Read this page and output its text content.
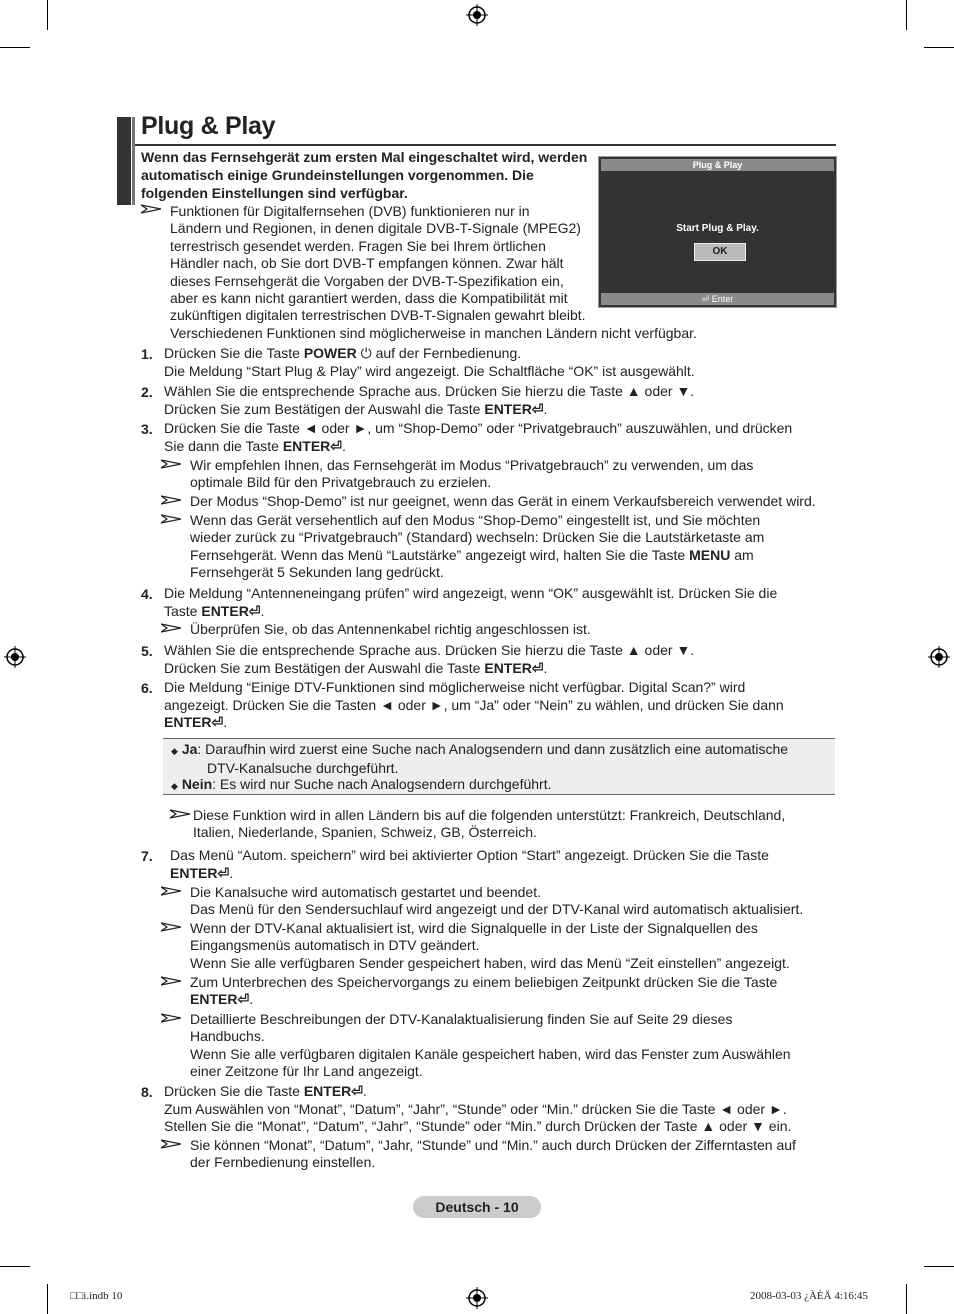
Plug & Play
Wenn das Fernsehgerät zum ersten Mal eingeschaltet wird, werden automatisch einige Grundeinstellungen vorgenommen. Die folgenden Einstellungen sind verfügbar.
Funktionen für Digitalfernsehen (DVB) funktionieren nur in
Ländern und Regionen, in denen digitale DVB-T-Signale (MPEG2)
terrestrisch gesendet werden. Fragen Sie bei Ihrem örtlichen
Händler nach, ob Sie dort DVB-T empfangen können. Zwar hält
dieses Fernsehgerät die Vorgaben der DVB-T-Spezifikation ein,
aber es kann nicht garantiert werden, dass die Kompatibilität mit
zukünftigen digitalen terrestrischen DVB-T-Signalen gewahrt bleibt.
Verschiedenen Funktionen sind möglicherweise in manchen Ländern nicht verfügbar.
Plug & Play
Start Plug & Play.
OK
⏎ Enter
1. Drücken Sie die Taste POWER ⏻ auf der Fernbedienung.
Die Meldung “Start Plug & Play” wird angezeigt. Die Schaltfläche “OK” ist ausgewählt.
2. Wählen Sie die entsprechende Sprache aus. Drücken Sie hierzu die Taste ▲ oder ▼.
Drücken Sie zum Bestätigen der Auswahl die Taste ENTER⏎.
3. Drücken Sie die Taste ◄ oder ►, um “Shop-Demo” oder “Privatgebrauch” auszuwählen, und drücken
Sie dann die Taste ENTER⏎.
Wir empfehlen Ihnen, das Fernsehgerät im Modus “Privatgebrauch” zu verwenden, um das
optimale Bild für den Privatgebrauch zu erzielen.
Der Modus “Shop-Demo” ist nur geeignet, wenn das Gerät in einem Verkaufsbereich verwendet wird.
Wenn das Gerät versehentlich auf den Modus “Shop-Demo” eingestellt ist, und Sie möchten
wieder zurück zu “Privatgebrauch” (Standard) wechseln: Drücken Sie die Lautstärketaste am
Fernsehgerät. Wenn das Menü “Lautstärke” angezeigt wird, halten Sie die Taste MENU am
Fernsehgerät 5 Sekunden lang gedrückt.
4. Die Meldung “Antenneneingang prüfen” wird angezeigt, wenn “OK” ausgewählt ist. Drücken Sie die
Taste ENTER⏎.
Überprüfen Sie, ob das Antennenkabel richtig angeschlossen ist.
5. Wählen Sie die entsprechende Sprache aus. Drücken Sie hierzu die Taste ▲ oder ▼.
Drücken Sie zum Bestätigen der Auswahl die Taste ENTER⏎.
6. Die Meldung “Einige DTV-Funktionen sind möglicherweise nicht verfügbar. Digital Scan?” wird
angezeigt. Drücken Sie die Tasten ◄ oder ►, um “Ja” oder “Nein” zu wählen, und drücken Sie dann
ENTER⏎.
◆ Ja: Daraufhin wird zuerst eine Suche nach Analogsendern und dann zusätzlich eine automatische
DTV-Kanalsuche durchgeführt.
◆ Nein: Es wird nur Suche nach Analogsendern durchgeführt.
Diese Funktion wird in allen Ländern bis auf die folgenden unterstützt: Frankreich, Deutschland,
Italien, Niederlande, Spanien, Schweiz, GB, Österreich.
7. Das Menü “Autom. speichern” wird bei aktivierter Option “Start” angezeigt. Drücken Sie die Taste
ENTER⏎.
Die Kanalsuche wird automatisch gestartet und beendet.
Das Menü für den Sendersuchlauf wird angezeigt und der DTV-Kanal wird automatisch aktualisiert.
Wenn der DTV-Kanal aktualisiert ist, wird die Signalquelle in der Liste der Signalquellen des
Eingangsmenüs automatisch in DTV geändert.
Wenn Sie alle verfügbaren Sender gespeichert haben, wird das Menü “Zeit einstellen” angezeigt.
Zum Unterbrechen des Speichervorgangs zu einem beliebigen Zeitpunkt drücken Sie die Taste
ENTER⏎.
Detaillierte Beschreibungen der DTV-Kanalaktualisierung finden Sie auf Seite 29 dieses
Handbuchs.
Wenn Sie alle verfügbaren digitalen Kanäle gespeichert haben, wird das Fenster zum Auswählen
einer Zeitzone für Ihr Land angezeigt.
8. Drücken Sie die Taste ENTER⏎.
Zum Auswählen von “Monat”, “Datum”, “Jahr”, “Stunde” oder “Min.” drücken Sie die Taste ◄ oder ►.
Stellen Sie die “Monat”, “Datum”, “Jahr”, “Stunde” oder “Min.” durch Drücken der Taste ▲ oder ▼ ein.
Sie können “Monat”, “Datum”, “Jahr, “Stunde” und “Min.” auch durch Drücken der Zifferntasten auf
der Fernbedienung einstellen.
Deutsch - 10
□□i.indb 10	2008-03-03 ¿ÀÈÄ 4:16:45
